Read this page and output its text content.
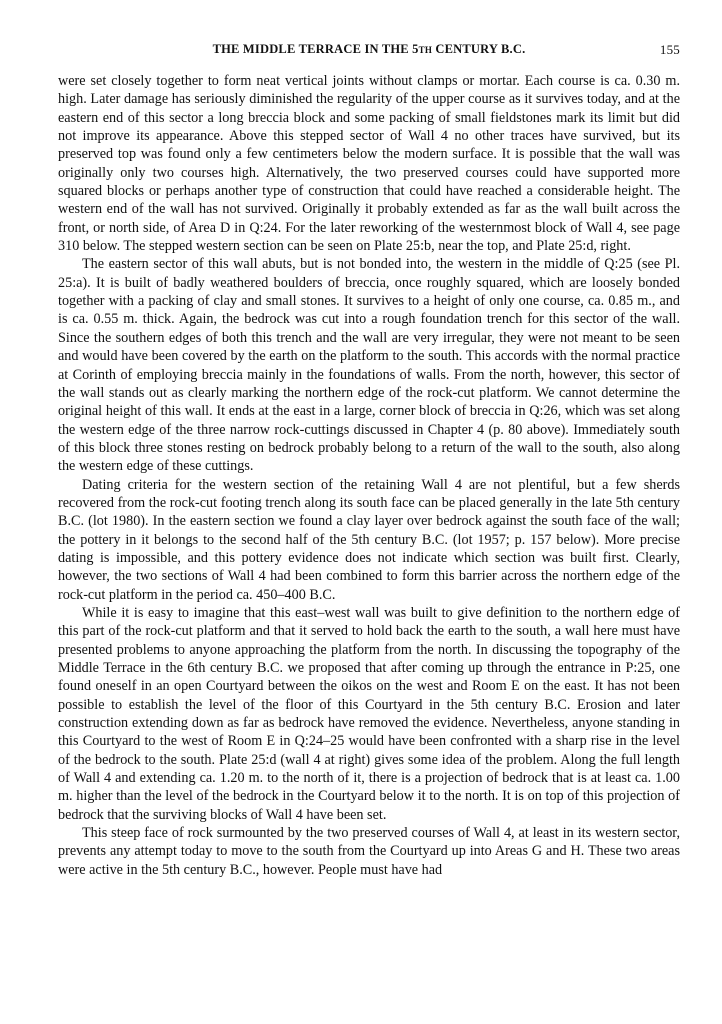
THE MIDDLE TERRACE IN THE 5th CENTURY B.C.	155

were set closely together to form neat vertical joints without clamps or mortar. Each course is ca. 0.30 m. high. Later damage has seriously diminished the regularity of the upper course as it survives today, and at the eastern end of this sector a long breccia block and some packing of small fieldstones mark its limit but did not improve its appearance. Above this stepped sector of Wall 4 no other traces have survived, but its preserved top was found only a few centimeters below the modern surface. It is possible that the wall was originally only two courses high. Alternatively, the two preserved courses could have supported more squared blocks or perhaps another type of construction that could have reached a considerable height. The western end of the wall has not survived. Originally it probably extended as far as the wall built across the front, or north side, of Area D in Q:24. For the later reworking of the westernmost block of Wall 4, see page 310 below. The stepped western section can be seen on Plate 25:b, near the top, and Plate 25:d, right.

The eastern sector of this wall abuts, but is not bonded into, the western in the middle of Q:25 (see Pl. 25:a). It is built of badly weathered boulders of breccia, once roughly squared, which are loosely bonded together with a packing of clay and small stones. It survives to a height of only one course, ca. 0.85 m., and is ca. 0.55 m. thick. Again, the bedrock was cut into a rough foundation trench for this sector of the wall. Since the southern edges of both this trench and the wall are very irregular, they were not meant to be seen and would have been covered by the earth on the platform to the south. This accords with the normal practice at Corinth of employing breccia mainly in the foundations of walls. From the north, however, this sector of the wall stands out as clearly marking the northern edge of the rock-cut platform. We cannot determine the original height of this wall. It ends at the east in a large, corner block of breccia in Q:26, which was set along the western edge of the three narrow rock-cuttings discussed in Chapter 4 (p. 80 above). Immediately south of this block three stones resting on bedrock probably belong to a return of the wall to the south, also along the western edge of these cuttings.

Dating criteria for the western section of the retaining Wall 4 are not plentiful, but a few sherds recovered from the rock-cut footing trench along its south face can be placed generally in the late 5th century B.C. (lot 1980). In the eastern section we found a clay layer over bedrock against the south face of the wall; the pottery in it belongs to the second half of the 5th century B.C. (lot 1957; p. 157 below). More precise dating is impossible, and this pottery evidence does not indicate which section was built first. Clearly, however, the two sections of Wall 4 had been combined to form this barrier across the northern edge of the rock-cut platform in the period ca. 450–400 B.C.

While it is easy to imagine that this east–west wall was built to give definition to the northern edge of this part of the rock-cut platform and that it served to hold back the earth to the south, a wall here must have presented problems to anyone approaching the platform from the north. In discussing the topography of the Middle Terrace in the 6th century B.C. we proposed that after coming up through the entrance in P:25, one found oneself in an open Courtyard between the oikos on the west and Room E on the east. It has not been possible to establish the level of the floor of this Courtyard in the 5th century B.C. Erosion and later construction extending down as far as bedrock have removed the evidence. Nevertheless, anyone standing in this Courtyard to the west of Room E in Q:24–25 would have been confronted with a sharp rise in the level of the bedrock to the south. Plate 25:d (wall 4 at right) gives some idea of the problem. Along the full length of Wall 4 and extending ca. 1.20 m. to the north of it, there is a projection of bedrock that is at least ca. 1.00 m. higher than the level of the bedrock in the Courtyard below it to the north. It is on top of this projection of bedrock that the surviving blocks of Wall 4 have been set.

This steep face of rock surmounted by the two preserved courses of Wall 4, at least in its western sector, prevents any attempt today to move to the south from the Courtyard up into Areas G and H. These two areas were active in the 5th century B.C., however. People must have had
